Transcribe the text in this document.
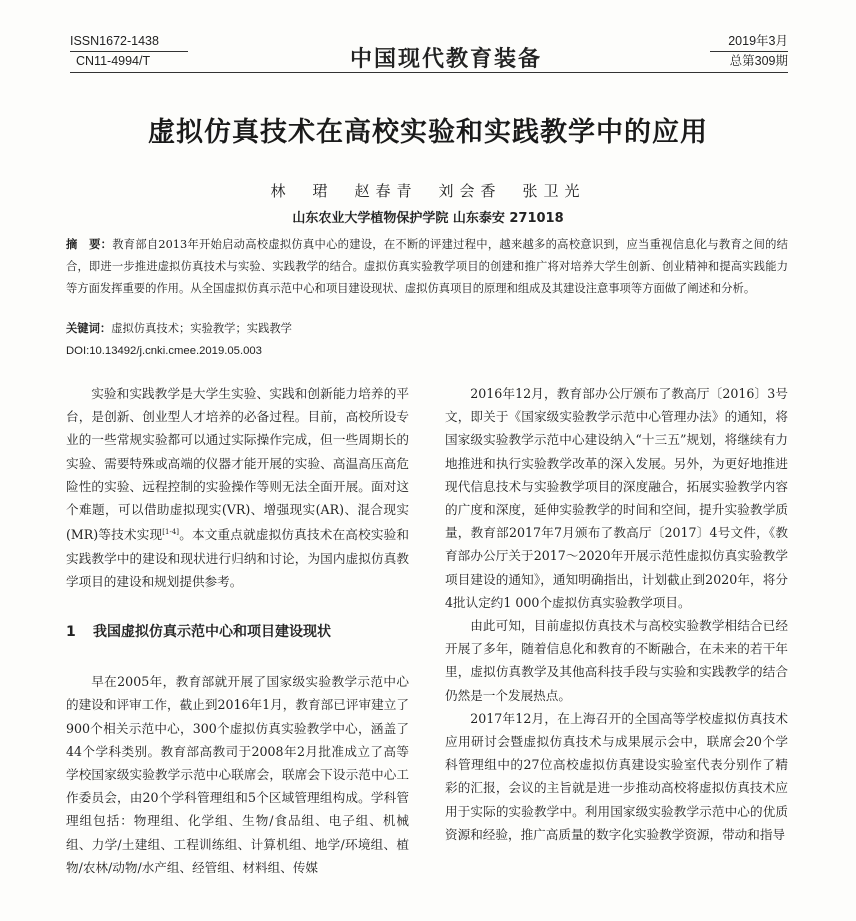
ISSN1672-1438
CN11-4994/T	中国现代教育装备
2019年3月
总第309期
虚拟仿真技术在高校实验和实践教学中的应用
林　珺　赵春青　刘会香　张卫光
山东农业大学植物保护学院 山东泰安 271018
摘　要：教育部自2013年开始启动高校虚拟仿真中心的建设，在不断的评建过程中，越来越多的高校意识到，应当重视信息化与教育之间的结合，即进一步推进虚拟仿真技术与实验、实践教学的结合。虚拟仿真实验教学项目的创建和推广将对培养大学生创新、创业精神和提高实践能力等方面发挥重要的作用。从全国虚拟仿真示范中心和项目建设现状、虚拟仿真项目的原理和组成及其建设注意事项等方面做了阐述和分析。
关键词：虚拟仿真技术；实验教学；实践教学
DOI:10.13492/j.cnki.cmee.2019.05.003

实验和实践教学是大学生实验、实践和创新能力培养的平台，是创新、创业型人才培养的必备过程。目前，高校所设专业的一些常规实验都可以通过实际操作完成，但一些周期长的实验、需要特殊或高端的仪器才能开展的实验、高温高压高危险性的实验、远程控制的实验操作等则无法全面开展。面对这个难题，可以借助虚拟现实(VR)、增强现实(AR)、混合现实(MR)等技术实现[1-4]。本文重点就虚拟仿真技术在高校实验和实践教学中的建设和现状进行归纳和讨论，为国内虚拟仿真教学项目的建设和规划提供参考。

1 我国虚拟仿真示范中心和项目建设现状

早在2005年，教育部就开展了国家级实验教学示范中心的建设和评审工作，截止到2016年1月，教育部已评审建立了900个相关示范中心，300个虚拟仿真实验教学中心，涵盖了44个学科类别。教育部高教司于2008年2月批准成立了高等学校国家级实验教学示范中心联席会，联席会下设示范中心工作委员会，由20个学科管理组和5个区域管理组构成。学科管理组包括：物理组、化学组、生物/食品组、电子组、机械组、力学/土建组、工程训练组、计算机组、地学/环境组、植物/农林/动物/水产组、经管组、材料组、传媒

2016年12月，教育部办公厅颁布了教高厅〔2016〕3号文，即关于《国家级实验教学示范中心管理办法》的通知，将国家级实验教学示范中心建设纳入“十三五”规划，将继续有力地推进和执行实验教学改革的深入发展。另外，为更好地推进现代信息技术与实验教学项目的深度融合，拓展实验教学内容的广度和深度，延伸实验教学的时间和空间，提升实验教学质量，教育部2017年7月颁布了教高厅〔2017〕4号文件，《教育部办公厅关于2017～2020年开展示范性虚拟仿真实验教学项目建设的通知》，通知明确指出，计划截止到2020年，将分4批认定约1 000个虚拟仿真实验教学项目。

由此可知，目前虚拟仿真技术与高校实验教学相结合已经开展了多年，随着信息化和教育的不断融合，在未来的若干年里，虚拟仿真教学及其他高科技手段与实验和实践教学的结合仍然是一个发展热点。

2017年12月，在上海召开的全国高等学校虚拟仿真技术应用研讨会暨虚拟仿真技术与成果展示会中，联席会20个学科管理组中的27位高校虚拟仿真建设实验室代表分别作了精彩的汇报，会议的主旨就是进一步推动高校将虚拟仿真技术应用于实际的实验教学中。利用国家级实验教学示范中心的优质资源和经验，推广高质量的数字化实验教学资源，带动和指导
